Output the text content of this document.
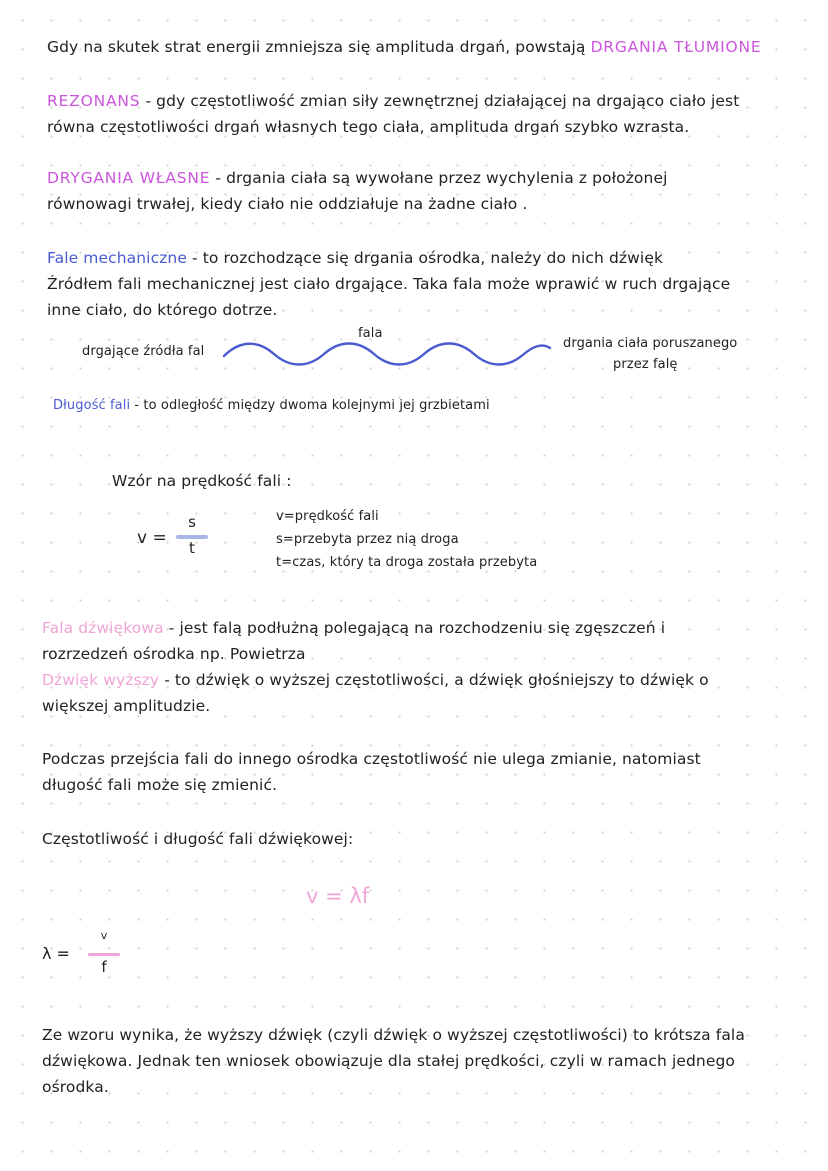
Gdy na skutek strat energii zmniejsza się amplituda drgań, powstają DRGANIA TŁUMIONE

REZONANS - gdy częstotliwość zmian siły zewnętrznej działającej na drgająco ciało jest

równa częstotliwości drgań własnych tego ciała, amplituda drgań szybko wzrasta.

DRYGANIA WŁASNE - drgania ciała są wywołane przez wychylenia z położonej

równowagi trwałej, kiedy ciało nie oddziałuje na żadne ciało .

Fale mechaniczne - to rozchodzące się drgania ośrodka, należy do nich dźwięk

Źródłem fali mechanicznej jest ciało drgające. Taka fala może wprawić w ruch drgające

inne ciało, do którego dotrze.

drgające źródła fal

fala

drgania ciała poruszanego

przez falę

Długość fali - to odległość między dwoma kolejnymi jej grzbietami

Wzór na prędkość fali :

v =
s
t

v=prędkość fali

s=przebyta przez nią droga

t=czas, który ta droga została przebyta

Fala dźwiękowa - jest falą podłużną polegającą na rozchodzeniu się zgęszczeń i

rozrzedzeń ośrodka np. Powietrza

Dźwięk wyższy - to dźwięk o wyższej częstotliwości, a dźwięk głośniejszy to dźwięk o

większej amplitudzie.

Podczas przejścia fali do innego ośrodka częstotliwość nie ulega zmianie, natomiast

długość fali może się zmienić.

Częstotliwość i długość fali dźwiękowej:

v = λf
λ =
v
f

Ze wzoru wynika, że wyższy dźwięk (czyli dźwięk o wyższej częstotliwości) to krótsza fala

dźwiękowa. Jednak ten wniosek obowiązuje dla stałej prędkości, czyli w ramach jednego

ośrodka.
